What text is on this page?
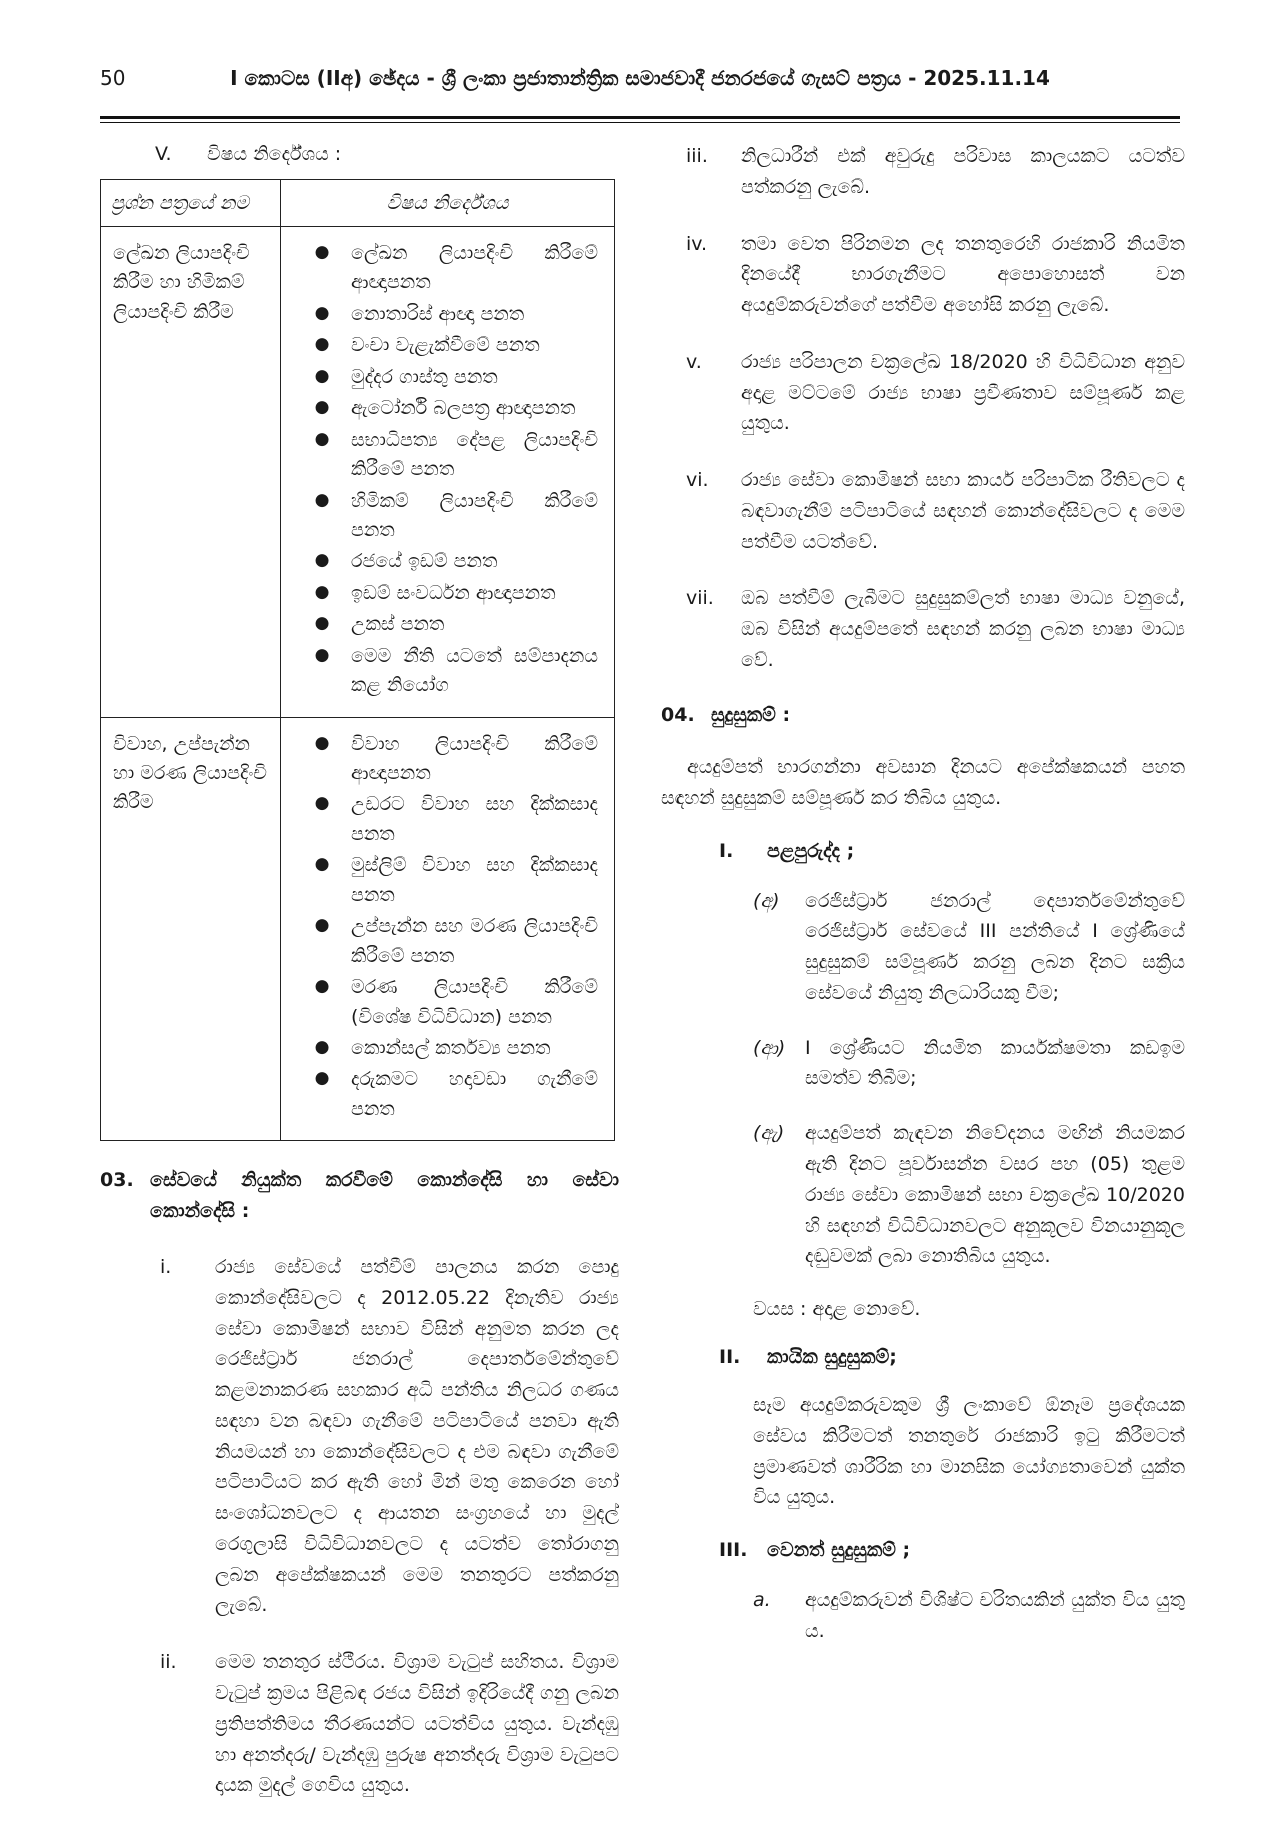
50	I කොටස (IIඅ) ඡේදය - ශ්‍රී ලංකා ප්‍රජාතාන්ත්‍රික සමාජවාදී ජනරජයේ ගැසට් පත්‍රය - 2025.11.14
V.	විෂය නිර්දේශය :
ප්‍රශ්න පත්‍රයේ නම	විෂය නිර්දේශය
ලේඛන ලියාපදිංචි කිරීම හා හිමිකම් ලියාපදිංචි කිරීම	
●	ලේඛන ලියාපදිංචි කිරීමේ ආඥාපනත
●	නොතාරිස් ආඥා පනත
●	වංචා වැළැක්වීමේ පනත
●	මුද්දර ගාස්තු පනත
●	ඇටෝර්නි බලපත්‍ර ආඥාපනත
●	සභාධිපත්‍ය දේපළ ලියාපදිංචි කිරීමේ පනත
●	හිමිකම් ලියාපදිංචි කිරීමේ පනත
●	රජයේ ඉඩම් පනත
●	ඉඩම් සංවර්ධන ආඥාපනත
●	උකස් පනත
●	මෙම නීති යටතේ සම්පාදනය කළ නියෝග

විවාහ, උප්පැන්න හා මරණ ලියාපදිංචි කිරීම	
●	විවාහ ලියාපදිංචි කිරීමේ ආඥාපනත
●	උඩරට විවාහ සහ දික්කසාද පනත
●	මුස්ලිම් විවාහ සහ දික්කසාද පනත
●	උප්පැන්න සහ මරණ ලියාපදිංචි කිරීමේ පනත
●	මරණ ලියාපදිංචි කිරීමේ (විශේෂ විධිවිධාන) පනත
●	කොන්සල් කර්තව්‍ය පනත
●	දරුකමට හදාවඩා ගැනීමේ පනත
03. සේවයේ නියුක්ත කරවීමේ කොන්දේසි හා සේවා කොන්දේසි :
i.	රාජ්‍ය සේවයේ පත්වීම් පාලනය කරන පොදු කොන්දේසිවලට ද 2012.05.22 දිනැතිව රාජ්‍ය සේවා කොමිෂන් සභාව විසින් අනුමත කරන ලද රෙජිස්ට්‍රාර් ජනරාල් දෙපාර්තමේන්තුවේ කළමනාකරණ සහකාර අධි පන්තිය නිලධර ගණය සඳහා වන බඳවා ගැනීමේ පටිපාටියේ පනවා ඇති නියමයන් හා කොන්දේසිවලට ද එම බඳවා ගැනීමේ පටිපාටියට කර ඇති හෝ මින් මතු කෙරෙන හෝ සංශෝධනවලට ද ආයතන සංග්‍රහයේ හා මුදල් රෙගුලාසි විධිවිධානවලට ද යටත්ව තෝරාගනු ලබන අපේක්ෂකයන් මෙම තනතුරට පත්කරනු ලැබේ.
ii.	මෙම තනතුර ස්ථීරය. විශ්‍රාම වැටුප් සහිතය. විශ්‍රාම වැටුප් ක්‍රමය පිළිබඳ රජය විසින් ඉදිරියේදී ගනු ලබන ප්‍රතිපත්තිමය තීරණයන්ට යටත්විය යුතුය. වැන්දඹු හා අනත්දරු/ වැන්දඹු පුරුෂ අනත්දරු විශ්‍රාම වැටුපට දායක මුදල් ගෙවිය යුතුය.
iii.	නිලධාරීන් එක් අවුරුදු පරිවාස කාලයකට යටත්ව පත්කරනු ලැබේ.
iv.	තමා වෙත පිරිනමන ලද තනතුරෙහි රාජකාරි නියමිත දිනයේදී භාරගැනීමට අපොහොසත් වන අයදුම්කරුවන්ගේ පත්වීම අහෝසි කරනු ලැබේ.
v.	රාජ්‍ය පරිපාලන චක්‍රලේඛ 18/2020 හි විධිවිධාන අනුව අදාළ මට්ටමේ රාජ්‍ය භාෂා ප්‍රවීණතාව සම්පූර්ණ කළ යුතුය.
vi.	රාජ්‍ය සේවා කොමිෂන් සභා කාර්ය පරිපාටික රීතිවලට ද බඳවාගැනීම් පටිපාටියේ සඳහන් කොන්දේසිවලට ද මෙම පත්වීම යටත්වේ.
vii.	ඔබ පත්වීම් ලැබීමට සුදුසුකම්ලත් භාෂා මාධ්‍ය වනුයේ, ඔබ විසින් අයදුම්පතේ සඳහන් කරනු ලබන භාෂා මාධ්‍ය වේ.
04. සුදුසුකම් :
අයදුම්පත් භාරගන්නා අවසාන දිනයට අපේක්ෂකයන් පහත සඳහන් සුදුසුකම් සම්පූර්ණ කර තිබිය යුතුය.
I.	පළපුරුද්ද ;
(අ)	රෙජිස්ට්‍රාර් ජනරාල් දෙපාර්තමේන්තුවේ රෙජිස්ට්‍රාර් සේවයේ III පන්තියේ I ශ්‍රේණියේ සුදුසුකම් සම්පූර්ණ කරනු ලබන දිනට සක්‍රිය සේවයේ නියුතු නිලධාරියකු වීම;
(ආ)	I ශ්‍රේණියට නියමිත කාර්යක්ෂමතා කඩඉම සමත්ව තිබීම;
(ඇ)	අයදුම්පත් කැඳවන නිවේදනය මඟින් නියමකර ඇති දිනට පූර්වාසන්න වසර පහ (05) තුළම රාජ්‍ය සේවා කොමිෂන් සභා චක්‍රලේඛ 10/2020 හි සඳහන් විධිවිධානවලට අනුකූලව විනයානුකූල දඬුවමක් ලබා නොතිබිය යුතුය.
වයස : අදාළ නොවේ.
II.	කායික සුදුසුකම්;
සෑම අයදුම්කරුවකුම ශ්‍රී ලංකාවේ ඕනෑම ප්‍රදේශයක සේවය කිරීමටත් තනතුරේ රාජකාරි ඉටු කිරීමටත් ප්‍රමාණවත් ශාරීරික හා මානසික යෝග්‍යතාවෙන් යුක්ත විය යුතුය.
III.	වෙනත් සුදුසුකම් ;
a.	අයදුම්කරුවන් විශිෂ්ට චරිතයකින් යුක්ත විය යුතු ය.
